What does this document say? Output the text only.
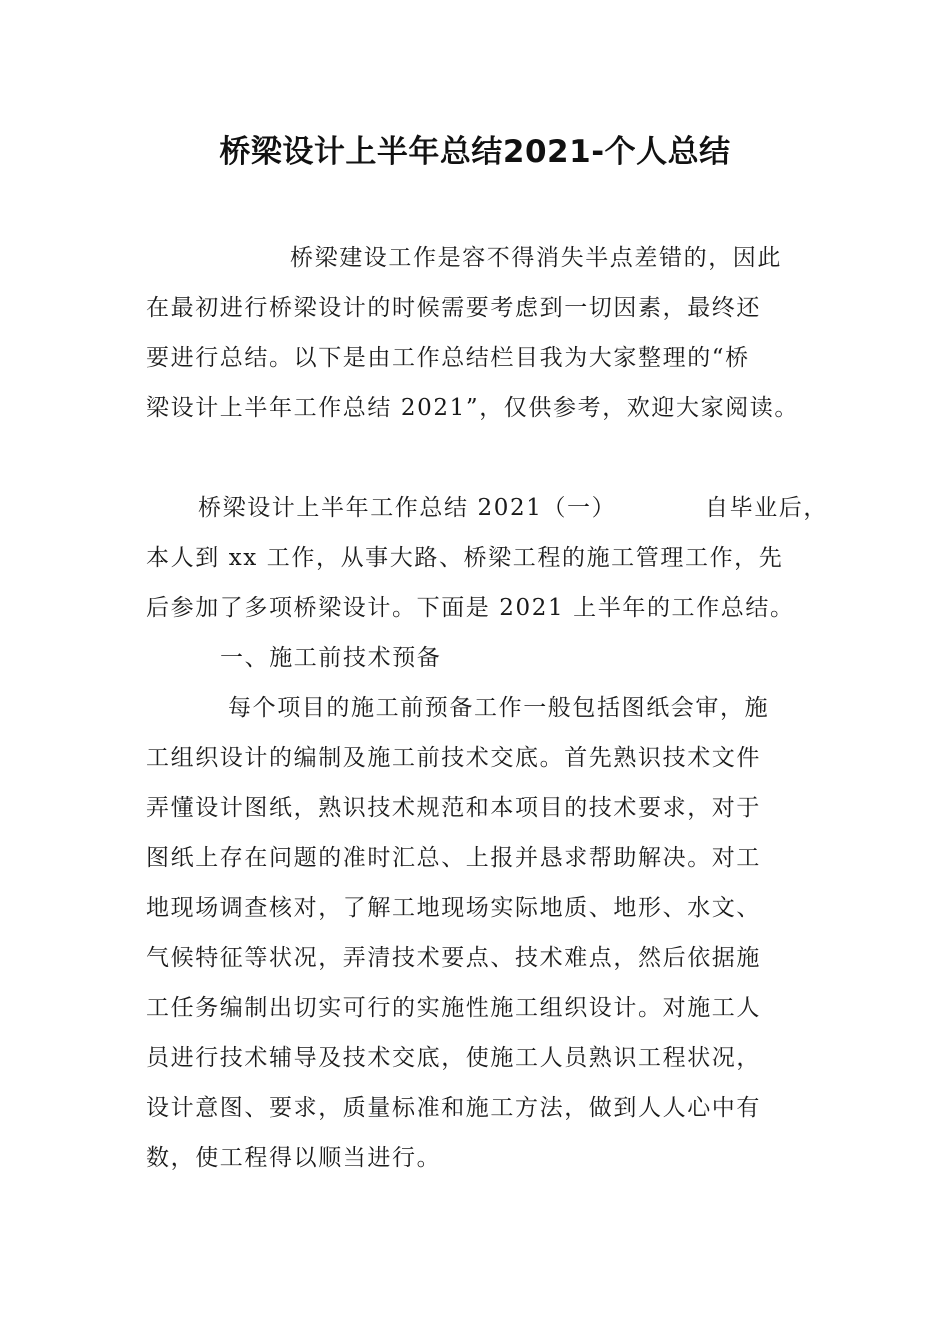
桥梁设计上半年总结2021-个人总结
桥梁建设工作是容不得消失半点差错的，因此
在最初进行桥梁设计的时候需要考虑到一切因素，最终还
要进行总结。以下是由工作总结栏目我为大家整理的“桥
梁设计上半年工作总结 2021”，仅供参考，欢迎大家阅读。
桥梁设计上半年工作总结 2021（一）	自毕业后，
本人到 xx 工作，从事大路、桥梁工程的施工管理工作，先
后参加了多项桥梁设计。下面是 2021 上半年的工作总结。
一、施工前技术预备
每个项目的施工前预备工作一般包括图纸会审，施
工组织设计的编制及施工前技术交底。首先熟识技术文件
弄懂设计图纸，熟识技术规范和本项目的技术要求，对于
图纸上存在问题的准时汇总、上报并恳求帮助解决。对工
地现场调查核对，了解工地现场实际地质、地形、水文、
气候特征等状况，弄清技术要点、技术难点，然后依据施
工任务编制出切实可行的实施性施工组织设计。对施工人
员进行技术辅导及技术交底，使施工人员熟识工程状况，
设计意图、要求，质量标准和施工方法，做到人人心中有
数，使工程得以顺当进行。
